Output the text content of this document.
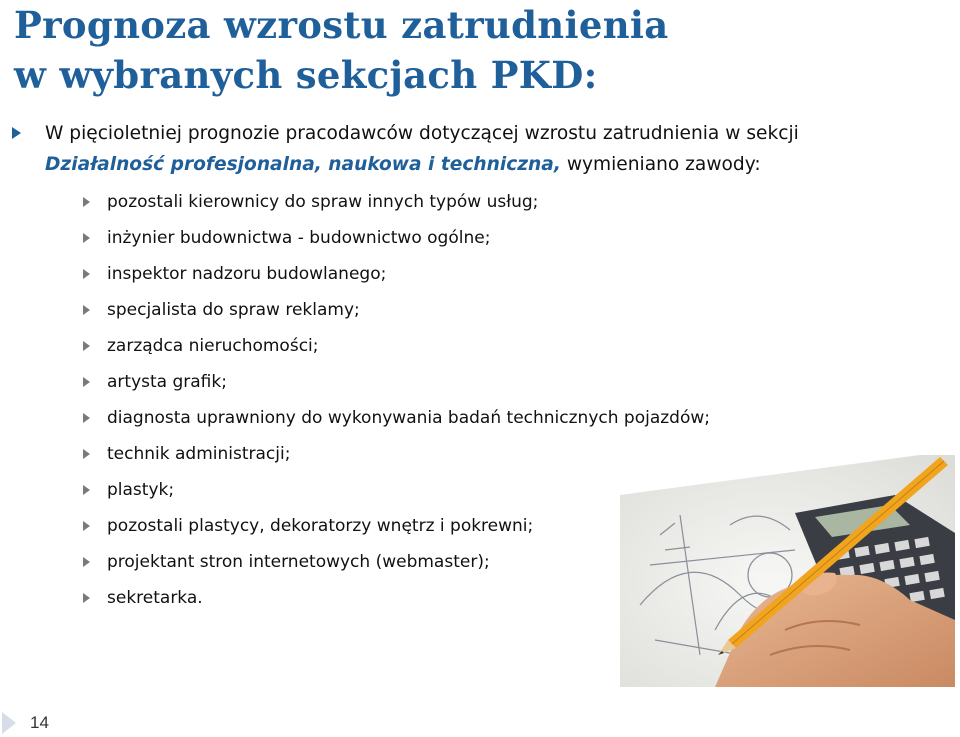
Prognoza wzrostu zatrudnienia
w wybranych sekcjach PKD:
W pięcioletniej prognozie pracodawców dotyczącej wzrostu zatrudnienia w sekcji
Działalność profesjonalna, naukowa i techniczna, wymieniano zawody:
pozostali kierownicy do spraw innych typów usług;
inżynier budownictwa - budownictwo ogólne;
inspektor nadzoru budowlanego;
specjalista do spraw reklamy;
zarządca nieruchomości;
artysta grafik;
diagnosta uprawniony do wykonywania badań technicznych pojazdów;
technik administracji;
plastyk;
pozostali plastycy, dekoratorzy wnętrz i pokrewni;
projektant stron internetowych (webmaster);
sekretarka.
14
